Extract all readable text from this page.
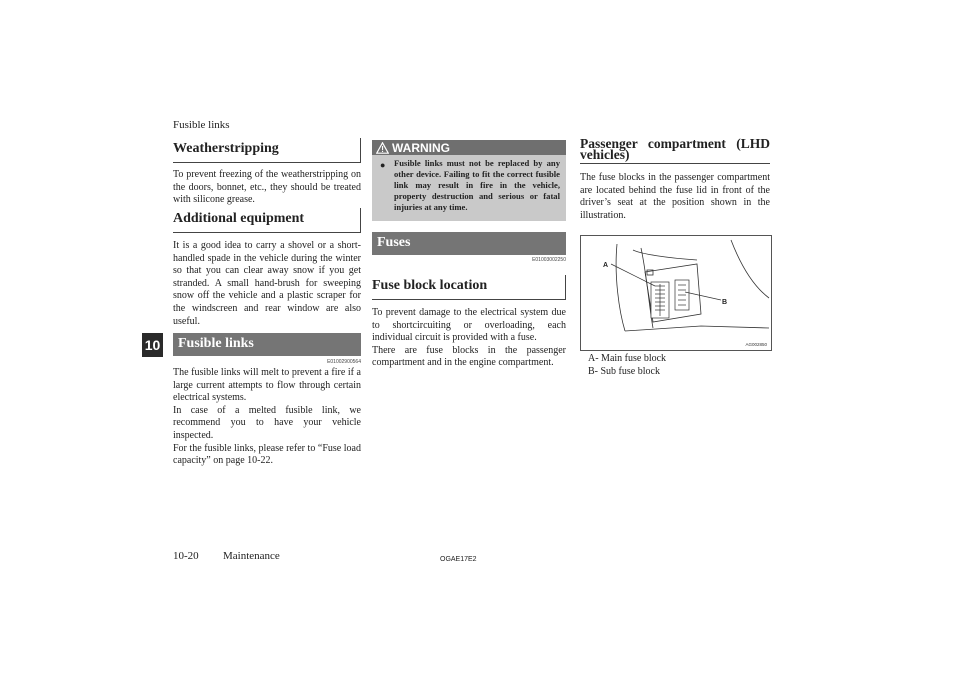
Fusible links
10
Weatherstripping
To prevent freezing of the weatherstripping on the doors, bonnet, etc., they should be treated with silicone grease.
Additional equipment
It is a good idea to carry a shovel or a short-handled spade in the vehicle during the winter so that you can clear away snow if you get stranded. A small hand-brush for sweeping snow off the vehicle and a plastic scraper for the windscreen and rear window are also useful.
Fusible links
E01002900564
The fusible links will melt to prevent a fire if a large current attempts to flow through certain electrical systems.
In case of a melted fusible link, we recommend you to have your vehicle inspected.
For the fusible links, please refer to “Fuse load capacity” on page 10-22.
WARNING
● Fusible links must not be replaced by any other device. Failing to fit the correct fusible link may result in fire in the vehicle, property destruction and serious or fatal injuries at any time.
Fuses
E01003002250
Fuse block location
To prevent damage to the electrical system due to shortcircuiting or overloading, each individual circuit is provided with a fuse.
There are fuse blocks in the passenger compartment and in the engine compartment.
Passenger compartment (LHD vehicles)
The fuse blocks in the passenger compartment are located behind the fuse lid in front of the driver’s seat at the position shown in the illustration.
A
B
AG002850
A- Main fuse block
B- Sub fuse block
10-20 Maintenance	OGAE17E2
